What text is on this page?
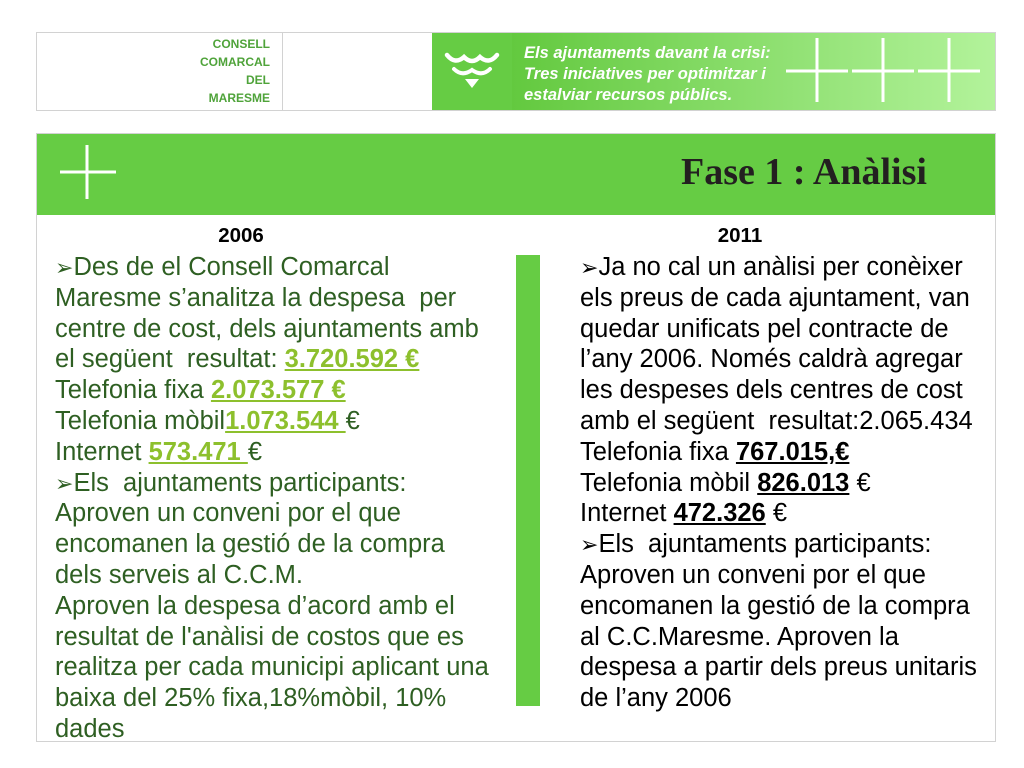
CONSELL
COMARCAL
DEL
MARESME
Els ajuntaments davant la crisi:
Tres iniciatives per optimitzar i
estalviar recursos públics.
Fase 1 : Anàlisi
2006	2011
➢Des de el Consell Comarcal
Maresme s’analitza la despesa  per
centre de cost, dels ajuntaments amb
el següent  resultat: 3.720.592 €
Telefonia fixa 2.073.577 €
Telefonia mòbil1.073.544 €
Internet 573.471 €
➢Els  ajuntaments participants:
Aproven un conveni por el que
encomanen la gestió de la compra
dels serveis al C.C.M.
Aproven la despesa d’acord amb el
resultat de l'anàlisi de costos que es
realitza per cada municipi aplicant una
baixa del 25% fixa,18%mòbil, 10%
dades
➢Ja no cal un anàlisi per conèixer
els preus de cada ajuntament, van
quedar unificats pel contracte de
l’any 2006. Només caldrà agregar
les despeses dels centres de cost
amb el següent  resultat:2.065.434
Telefonia fixa 767.015,€
Telefonia mòbil 826.013 €
Internet 472.326 €
➢Els  ajuntaments participants:
Aproven un conveni por el que
encomanen la gestió de la compra
al C.C.Maresme. Aproven la
despesa a partir dels preus unitaris
de l’any 2006
